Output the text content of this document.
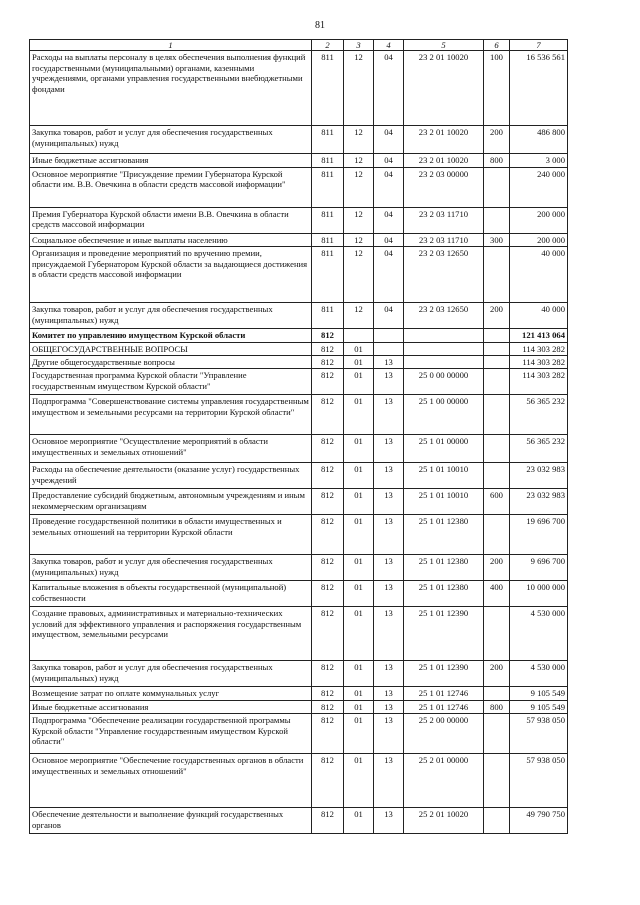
81
1	2	3	4	5	6	7
Расходы на выплаты персоналу в целях обеспечения выполнения функций государственными (муниципальными) органами, казенными учреждениями, органами управления государственными внебюджетными фондами	811	12	04	23 2 01 10020	100	16 536 561
Закупка товаров, работ и услуг для обеспечения государственных (муниципальных) нужд	811	12	04	23 2 01 10020	200	486 800
Иные бюджетные ассигнования	811	12	04	23 2 01 10020	800	3 000
Основное мероприятие "Присуждение премии Губернатора Курской области им. В.В. Овечкина в области средств массовой информации"	811	12	04	23 2 03 00000		240 000
Премия Губернатора Курской области имени В.В. Овечкина в области средств массовой информации	811	12	04	23 2 03 11710		200 000
Социальное обеспечение и иные выплаты населению	811	12	04	23 2 03 11710	300	200 000
Организация и проведение мероприятий по вручению премии, присуждаемой Губернатором Курской области за выдающиеся достижения в области средств массовой информации	811	12	04	23 2 03 12650		40 000
Закупка товаров, работ и услуг для обеспечения государственных (муниципальных) нужд	811	12	04	23 2 03 12650	200	40 000
Комитет по управлению имуществом Курской области	812					121 413 064
ОБЩЕГОСУДАРСТВЕННЫЕ ВОПРОСЫ	812	01				114 303 282
Другие общегосударственные вопросы	812	01	13			114 303 282
Государственная программа Курской области "Управление государственным имуществом Курской области"	812	01	13	25 0 00 00000		114 303 282
Подпрограмма "Совершенствование системы управления государственным имуществом и земельными ресурсами на территории Курской области"	812	01	13	25 1 00 00000		56 365 232
Основное мероприятие "Осуществление мероприятий в области имущественных и земельных отношений"	812	01	13	25 1 01 00000		56 365 232
Расходы на обеспечение деятельности (оказание услуг) государственных учреждений	812	01	13	25 1 01 10010		23 032 983
Предоставление субсидий бюджетным, автономным учреждениям и иным некоммерческим организациям	812	01	13	25 1 01 10010	600	23 032 983
Проведение государственной политики в области имущественных и земельных отношений на территории Курской области	812	01	13	25 1 01 12380		19 696 700
Закупка товаров, работ и услуг для обеспечения государственных (муниципальных) нужд	812	01	13	25 1 01 12380	200	9 696 700
Капитальные вложения в объекты государственной (муниципальной) собственности	812	01	13	25 1 01 12380	400	10 000 000
Создание правовых, административных и материально-технических условий для эффективного управления и распоряжения государственным имуществом, земельными ресурсами	812	01	13	25 1 01 12390		4 530 000
Закупка товаров, работ и услуг для обеспечения государственных (муниципальных) нужд	812	01	13	25 1 01 12390	200	4 530 000
Возмещение затрат по оплате коммунальных услуг	812	01	13	25 1 01 12746		9 105 549
Иные бюджетные ассигнования	812	01	13	25 1 01 12746	800	9 105 549
Подпрограмма "Обеспечение реализации государственной программы Курской области "Управление государственным имуществом Курской области"	812	01	13	25 2 00 00000		57 938 050
Основное мероприятие "Обеспечение государственных органов в области имущественных и земельных отношений"	812	01	13	25 2 01 00000		57 938 050
Обеспечение деятельности и выполнение функций государственных органов	812	01	13	25 2 01 10020		49 790 750
